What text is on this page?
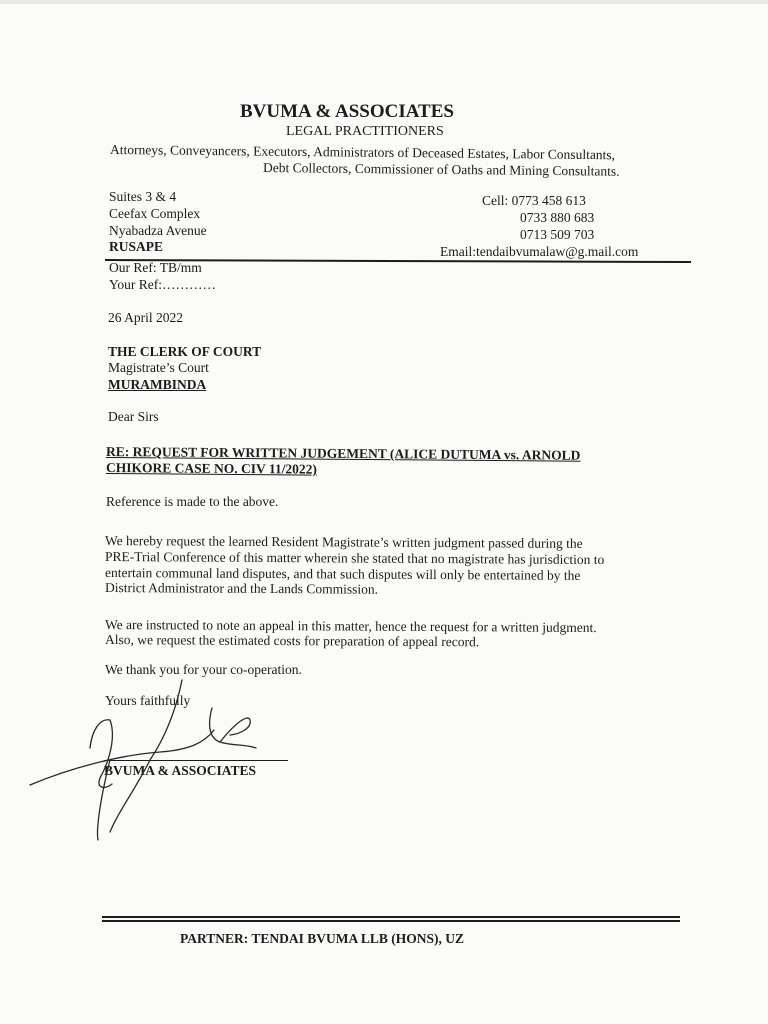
BVUMA & ASSOCIATES
LEGAL PRACTITIONERS
Attorneys, Conveyancers, Executors, Administrators of Deceased Estates, Labor Consultants,
Debt Collectors, Commissioner of Oaths and Mining Consultants.
Suites 3 & 4
Ceefax Complex
Nyabadza Avenue
RUSAPE
Cell: 0773 458 613
0733 880 683
0713 509 703
Email:tendaibvumalaw@g.mail.com
Our Ref: TB/mm
Your Ref:…………
26 April 2022
THE CLERK OF COURT
Magistrate’s Court
MURAMBINDA
Dear Sirs
RE: REQUEST FOR WRITTEN JUDGEMENT (ALICE DUTUMA vs. ARNOLD
CHIKORE CASE NO. CIV 11/2022)
Reference is made to the above.
We hereby request the learned Resident Magistrate’s written judgment passed during the
PRE-Trial Conference of this matter wherein she stated that no magistrate has jurisdiction to
entertain communal land disputes, and that such disputes will only be entertained by the
District Administrator and the Lands Commission.
We are instructed to note an appeal in this matter, hence the request for a written judgment.
Also, we request the estimated costs for preparation of appeal record.
We thank you for your co-operation.
Yours faithfully
BVUMA & ASSOCIATES
PARTNER: TENDAI BVUMA LLB (HONS), UZ
